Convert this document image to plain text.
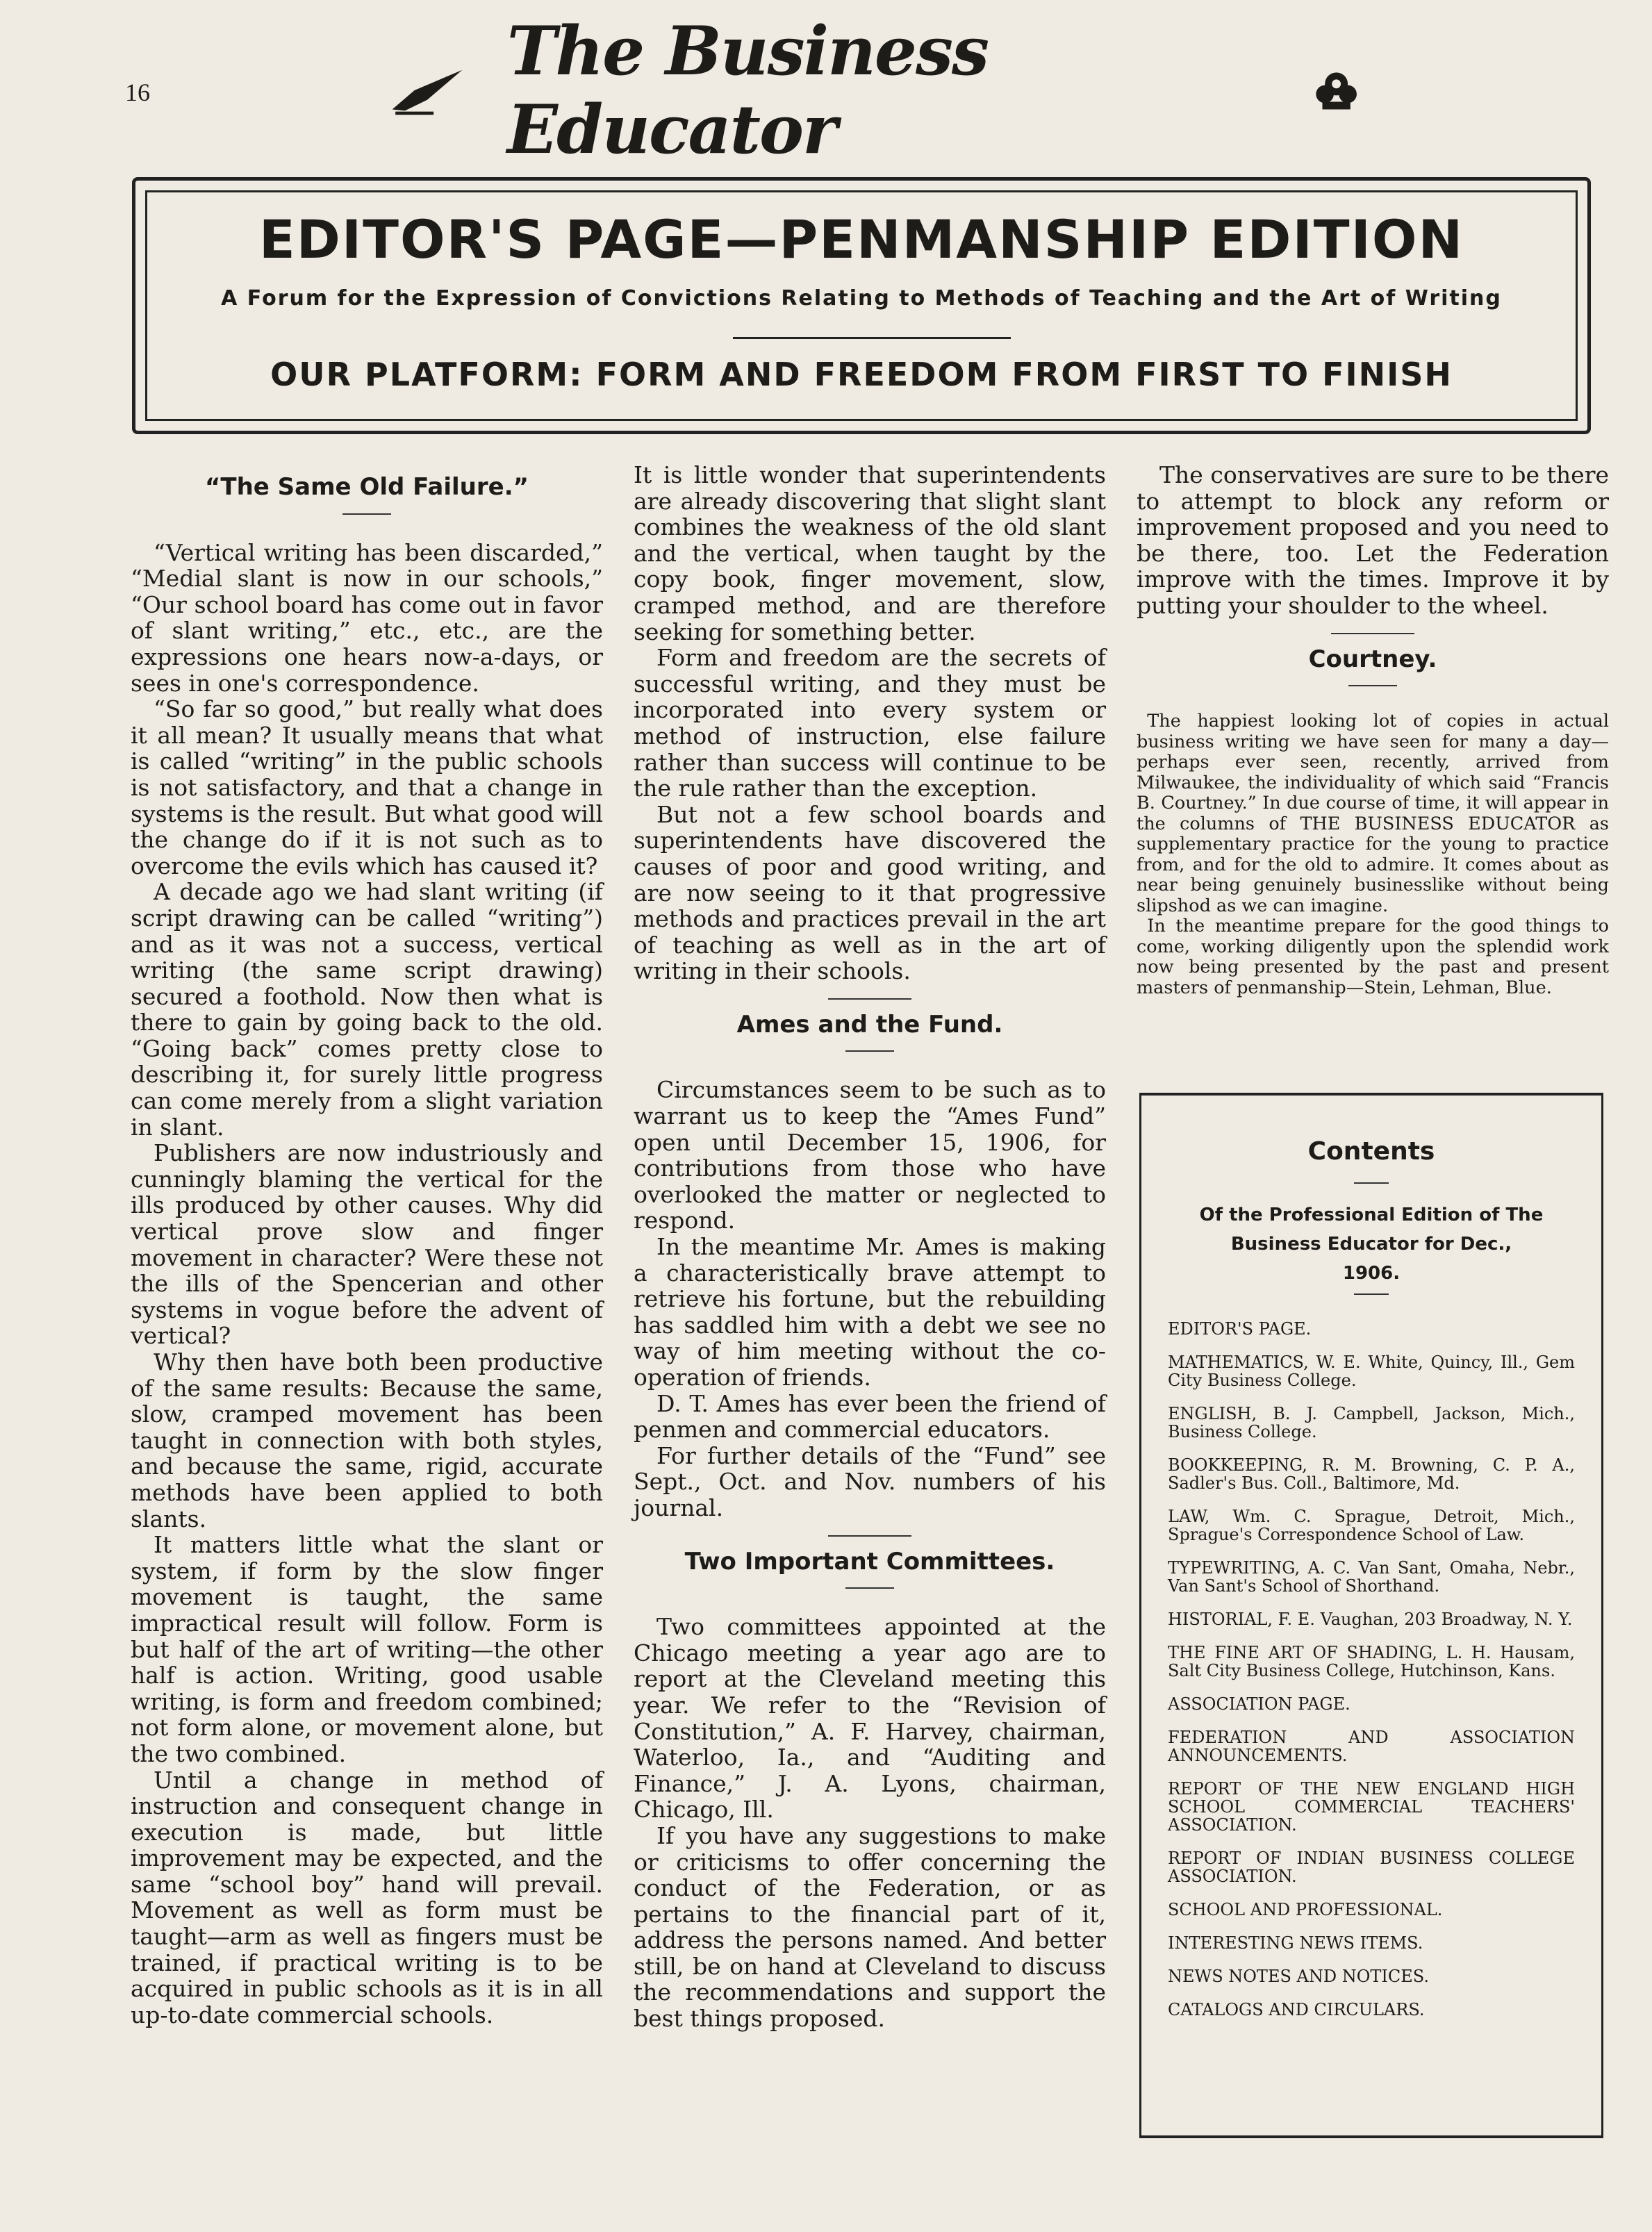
16
The Business Educator
EDITOR'S PAGE—PENMANSHIP EDITION
A Forum for the Expression of Convictions Relating to Methods of Teaching and the Art of Writing
OUR PLATFORM: FORM AND FREEDOM FROM FIRST TO FINISH
“The Same Old Failure.”

“Vertical writing has been discarded,” “Medial slant is now in our schools,” “Our school board has come out in favor of slant writing,” etc., etc., are the expressions one hears now-a-days, or sees in one's correspondence.

“So far so good,” but really what does it all mean? It usually means that what is called “writing” in the public schools is not satisfactory, and that a change in systems is the result. But what good will the change do if it is not such as to overcome the evils which has caused it?

A decade ago we had slant writing (if script drawing can be called “writing”) and as it was not a success, vertical writing (the same script drawing) secured a foothold. Now then what is there to gain by going back to the old. “Going back” comes pretty close to describing it, for surely little progress can come merely from a slight variation in slant.

Publishers are now industriously and cunningly blaming the vertical for the ills produced by other causes. Why did vertical prove slow and finger movement in character? Were these not the ills of the Spencerian and other systems in vogue before the advent of vertical?

Why then have both been productive of the same results: Because the same, slow, cramped movement has been taught in connection with both styles, and because the same, rigid, accurate methods have been applied to both slants.

It matters little what the slant or system, if form by the slow finger movement is taught, the same impractical result will follow. Form is but half of the art of writing—the other half is action. Writing, good usable writing, is form and freedom combined; not form alone, or movement alone, but the two combined.

Until a change in method of instruction and consequent change in execution is made, but little improvement may be expected, and the same “school boy” hand will prevail. Movement as well as form must be taught—arm as well as fingers must be trained, if practical writing is to be acquired in public schools as it is in all up-to-date commercial schools.

It is little wonder that superintendents are already discovering that slight slant combines the weakness of the old slant and the vertical, when taught by the copy book, finger movement, slow, cramped method, and are therefore seeking for something better.

Form and freedom are the secrets of successful writing, and they must be incorporated into every system or method of instruction, else failure rather than success will continue to be the rule rather than the exception.

But not a few school boards and superintendents have discovered the causes of poor and good writing, and are now seeing to it that progressive methods and practices prevail in the art of teaching as well as in the art of writing in their schools.

Ames and the Fund.

Circumstances seem to be such as to warrant us to keep the “Ames Fund” open until December 15, 1906, for contributions from those who have overlooked the matter or neglected to respond.

In the meantime Mr. Ames is making a characteristically brave attempt to retrieve his fortune, but the rebuilding has saddled him with a debt we see no way of him meeting without the co-operation of friends.

D. T. Ames has ever been the friend of penmen and commercial educators.

For further details of the “Fund” see Sept., Oct. and Nov. numbers of his journal.

Two Important Committees.

Two committees appointed at the Chicago meeting a year ago are to report at the Cleveland meeting this year. We refer to the “Revision of Constitution,” A. F. Harvey, chairman, Waterloo, Ia., and “Auditing and Finance,” J. A. Lyons, chairman, Chicago, Ill.

If you have any suggestions to make or criticisms to offer concerning the conduct of the Federation, or as pertains to the financial part of it, address the persons named. And better still, be on hand at Cleveland to discuss the recommendations and support the best things proposed.

The conservatives are sure to be there to attempt to block any reform or improvement proposed and you need to be there, too. Let the Federation improve with the times. Improve it by putting your shoulder to the wheel.

Courtney.

The happiest looking lot of copies in actual business writing we have seen for many a day—perhaps ever seen, recently, arrived from Milwaukee, the individuality of which said “Francis B. Courtney.” In due course of time, it will appear in the columns of THE BUSINESS EDUCATOR as supplementary practice for the young to practice from, and for the old to admire. It comes about as near being genuinely businesslike without being slipshod as we can imagine.

In the meantime prepare for the good things to come, working diligently upon the splendid work now being presented by the past and present masters of penmanship—Stein, Lehman, Blue.

Contents
Of the Professional Edition of The
Business Educator for Dec.,
1906.
EDITOR'S PAGE.
MATHEMATICS, W. E. White, Quincy, Ill., Gem City Business College.
ENGLISH, B. J. Campbell, Jackson, Mich., Business College.
BOOKKEEPING, R. M. Browning, C. P. A., Sadler's Bus. Coll., Baltimore, Md.
LAW, Wm. C. Sprague, Detroit, Mich., Sprague's Correspondence School of Law.
TYPEWRITING, A. C. Van Sant, Omaha, Nebr., Van Sant's School of Shorthand.
HISTORIAL, F. E. Vaughan, 203 Broadway, N. Y.
THE FINE ART OF SHADING, L. H. Hausam, Salt City Business College, Hutchinson, Kans.
ASSOCIATION PAGE.
FEDERATION AND ASSOCIATION ANNOUNCEMENTS.
REPORT OF THE NEW ENGLAND HIGH SCHOOL COMMERCIAL TEACHERS' ASSOCIATION.
REPORT OF INDIAN BUSINESS COLLEGE ASSOCIATION.
SCHOOL AND PROFESSIONAL.
INTERESTING NEWS ITEMS.
NEWS NOTES AND NOTICES.
CATALOGS AND CIRCULARS.
